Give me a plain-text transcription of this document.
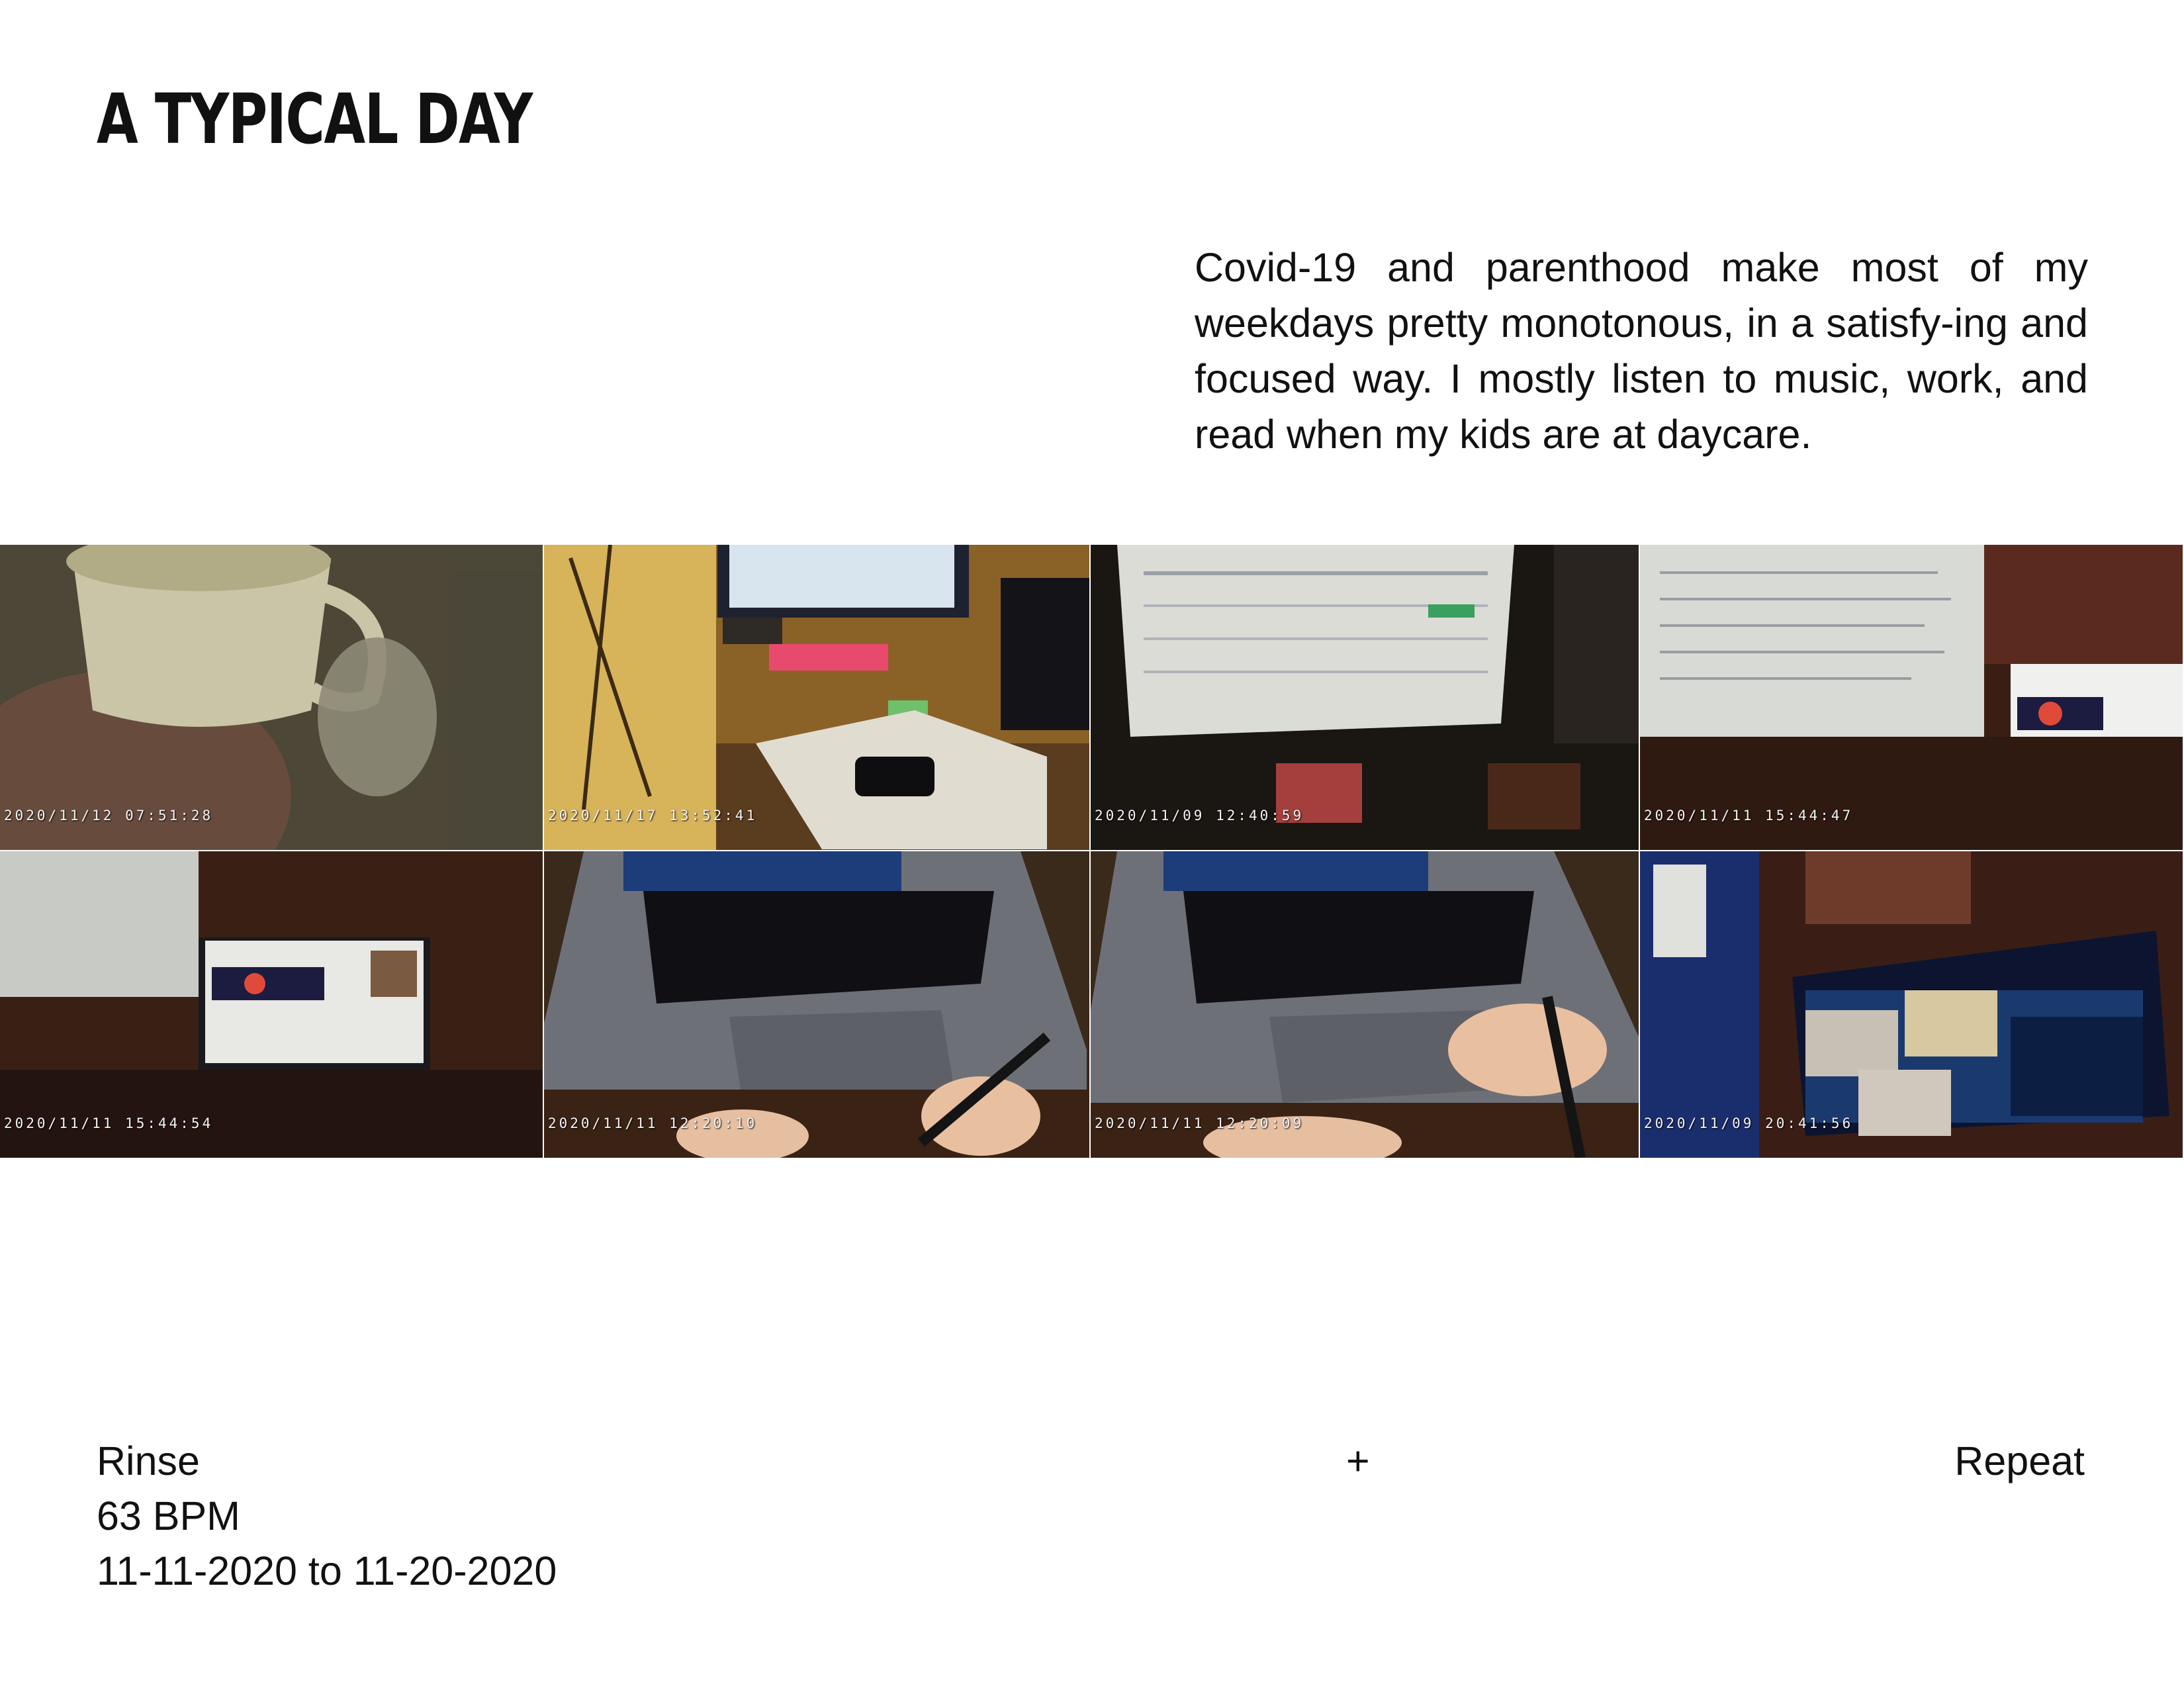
A TYPICAL DAY

Covid-19 and parenthood make most of my weekdays pretty monotonous, in a satisfy-ing and focused way. I mostly listen to music, work, and read when my kids are at daycare.

2020/11/12 07:51:28	2020/11/17 13:52:41	2020/11/09 12:40:59	2020/11/11 15:44:47
2020/11/11 15:44:54	2020/11/11 12:20:10	2020/11/11 12:20:09	2020/11/09 20:41:56
Rinse
63 BPM
11-11-2020 to 11-20-2020
+	Repeat
